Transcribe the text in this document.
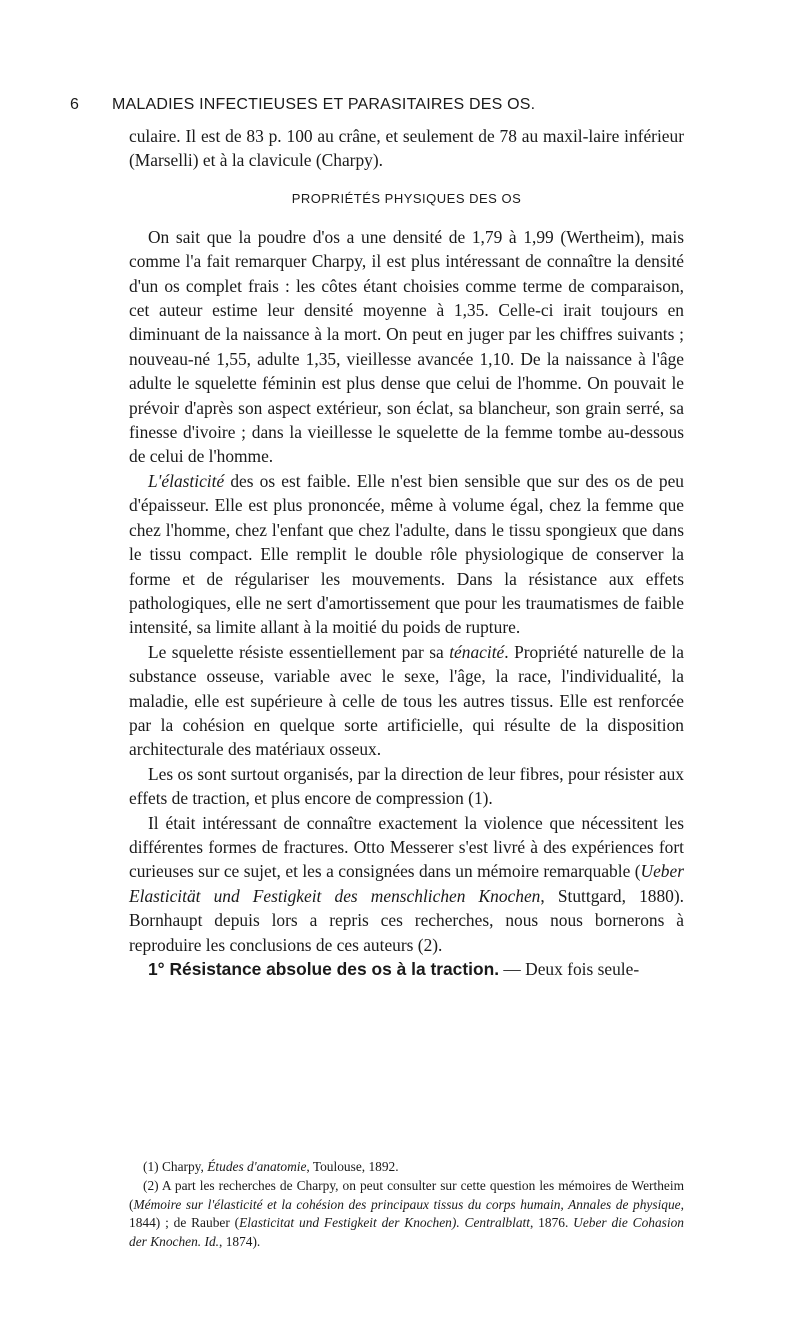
6 MALADIES INFECTIEUSES ET PARASITAIRES DES OS.

culaire. Il est de 83 p. 100 au crâne, et seulement de 78 au maxil-laire inférieur (Marselli) et à la clavicule (Charpy).

PROPRIÉTÉS PHYSIQUES DES OS

On sait que la poudre d'os a une densité de 1,79 à 1,99 (Wertheim), mais comme l'a fait remarquer Charpy, il est plus intéressant de connaître la densité d'un os complet frais : les côtes étant choisies comme terme de comparaison, cet auteur estime leur densité moyenne à 1,35. Celle-ci irait toujours en diminuant de la naissance à la mort. On peut en juger par les chiffres suivants ; nouveau-né 1,55, adulte 1,35, vieillesse avancée 1,10. De la naissance à l'âge adulte le squelette féminin est plus dense que celui de l'homme. On pouvait le prévoir d'après son aspect extérieur, son éclat, sa blancheur, son grain serré, sa finesse d'ivoire ; dans la vieillesse le squelette de la femme tombe au-dessous de celui de l'homme.

L'élasticité des os est faible. Elle n'est bien sensible que sur des os de peu d'épaisseur. Elle est plus prononcée, même à volume égal, chez la femme que chez l'homme, chez l'enfant que chez l'adulte, dans le tissu spongieux que dans le tissu compact. Elle remplit le double rôle physiologique de conserver la forme et de régulariser les mouvements. Dans la résistance aux effets pathologiques, elle ne sert d'amortissement que pour les traumatismes de faible intensité, sa limite allant à la moitié du poids de rupture.

Le squelette résiste essentiellement par sa ténacité. Propriété naturelle de la substance osseuse, variable avec le sexe, l'âge, la race, l'individualité, la maladie, elle est supérieure à celle de tous les autres tissus. Elle est renforcée par la cohésion en quelque sorte artificielle, qui résulte de la disposition architecturale des matériaux osseux.

Les os sont surtout organisés, par la direction de leur fibres, pour résister aux effets de traction, et plus encore de compression (1).

Il était intéressant de connaître exactement la violence que nécessitent les différentes formes de fractures. Otto Messerer s'est livré à des expériences fort curieuses sur ce sujet, et les a consignées dans un mémoire remarquable (Ueber Elasticität und Festigkeit des menschlichen Knochen, Stuttgard, 1880). Bornhaupt depuis lors a repris ces recherches, nous nous bornerons à reproduire les conclusions de ces auteurs (2).

1° Résistance absolue des os à la traction. — Deux fois seule-

(1) Charpy, Études d'anatomie, Toulouse, 1892.

(2) A part les recherches de Charpy, on peut consulter sur cette question les mémoires de Wertheim (Mémoire sur l'élasticité et la cohésion des principaux tissus du corps humain, Annales de physique, 1844) ; de Rauber (Elasticitat und Festigkeit der Knochen). Centralblatt, 1876. Ueber die Cohasion der Knochen. Id., 1874).
